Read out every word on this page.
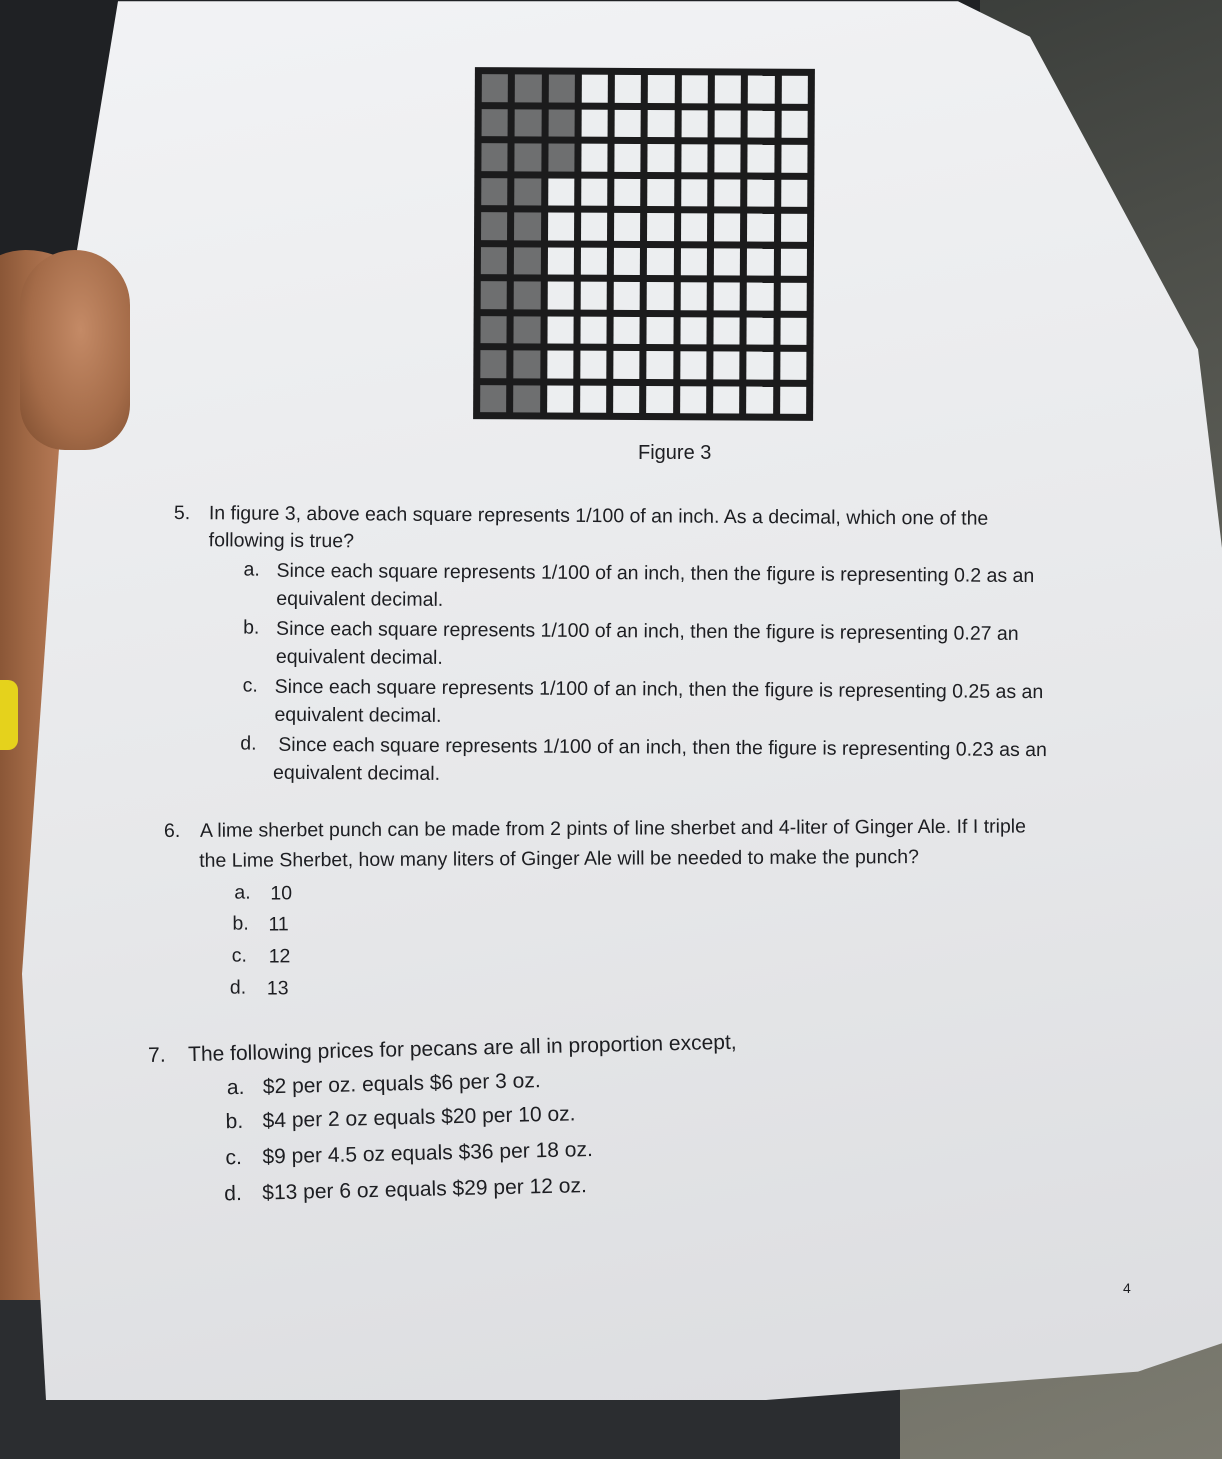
Figure 3
5. In figure 3, above each square represents 1/100 of an inch. As a decimal, which one of the
following is true?
a. Since each square represents 1/100 of an inch, then the figure is representing 0.2 as an
equivalent decimal.
b. Since each square represents 1/100 of an inch, then the figure is representing 0.27 an
equivalent decimal.
c. Since each square represents 1/100 of an inch, then the figure is representing 0.25 as an
equivalent decimal.
d. Since each square represents 1/100 of an inch, then the figure is representing 0.23 as an
equivalent decimal.
6. A lime sherbet punch can be made from 2 pints of line sherbet and 4-liter of Ginger Ale. If I triple
the Lime Sherbet, how many liters of Ginger Ale will be needed to make the punch?
a. 10
b. 11
c. 12
d. 13
7. The following prices for pecans are all in proportion except,
a. $2 per oz. equals $6 per 3 oz.
b. $4 per 2 oz equals $20 per 10 oz.
c. $9 per 4.5 oz equals $36 per 18 oz.
d. $13 per 6 oz equals $29 per 12 oz.
4
